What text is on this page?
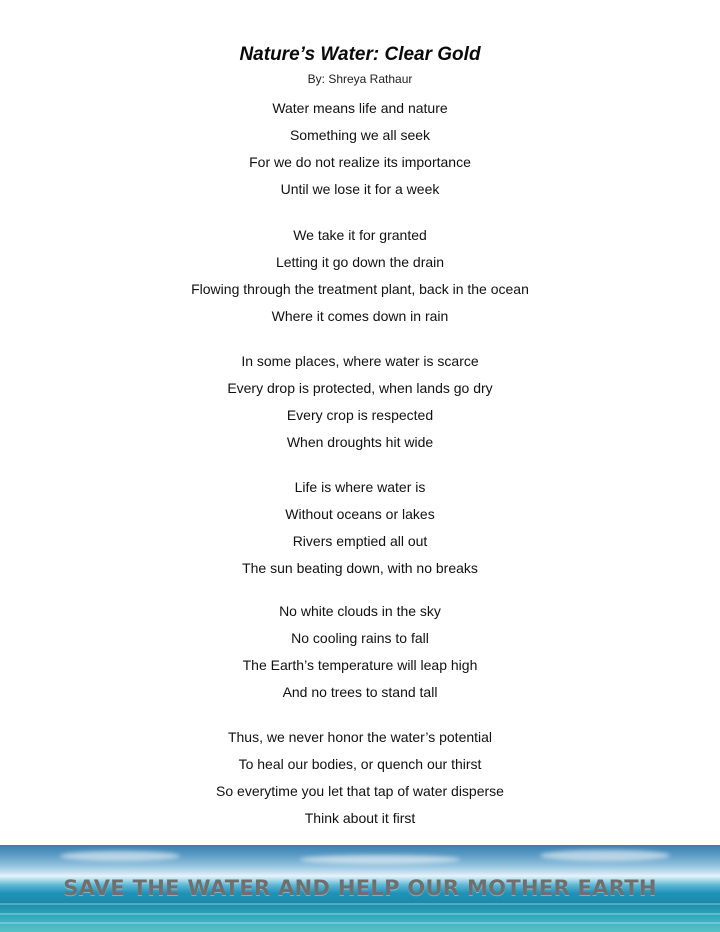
Nature’s Water: Clear Gold

By: Shreya Rathaur

Water means life and nature
Something we all seek
For we do not realize its importance
Until we lose it for a week
We take it for granted
Letting it go down the drain
Flowing through the treatment plant, back in the ocean
Where it comes down in rain
In some places, where water is scarce
Every drop is protected, when lands go dry
Every crop is respected
When droughts hit wide
Life is where water is
Without oceans or lakes
Rivers emptied all out
The sun beating down, with no breaks
No white clouds in the sky
No cooling rains to fall
The Earth’s temperature will leap high
And no trees to stand tall
Thus, we never honor the water’s potential
To heal our bodies, or quench our thirst
So everytime you let that tap of water disperse
Think about it first
SAVE THE WATER AND HELP OUR MOTHER EARTH
